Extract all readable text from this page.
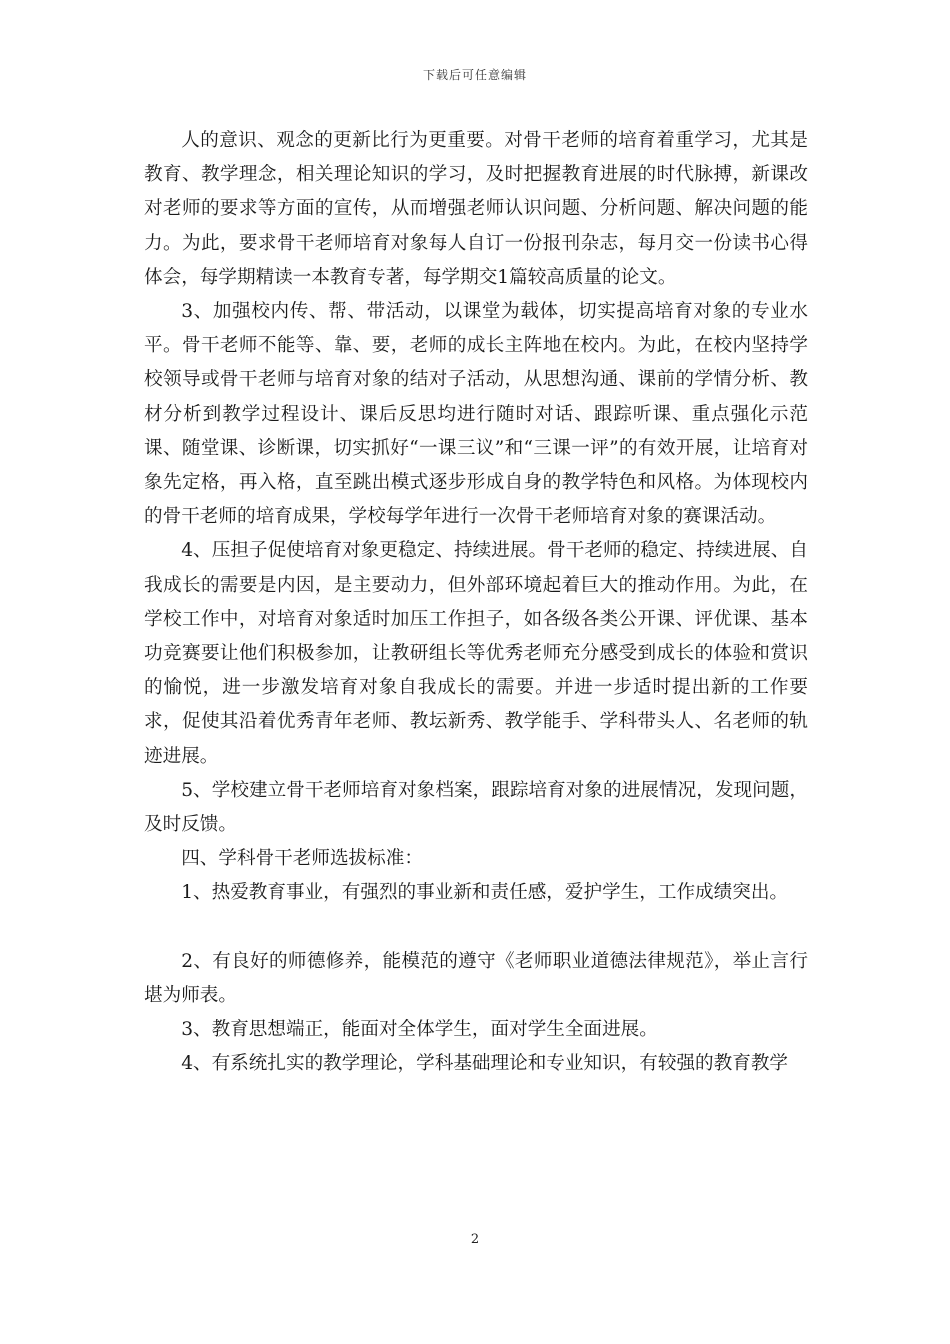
下载后可任意编辑

人的意识、观念的更新比行为更重要。对骨干老师的培育着重学习，尤其是教育、教学理念，相关理论知识的学习，及时把握教育进展的时代脉搏，新课改对老师的要求等方面的宣传，从而增强老师认识问题、分析问题、解决问题的能力。为此，要求骨干老师培育对象每人自订一份报刊杂志，每月交一份读书心得体会，每学期精读一本教育专著，每学期交1篇较高质量的论文。

3、加强校内传、帮、带活动，以课堂为载体，切实提高培育对象的专业水平。骨干老师不能等、靠、要，老师的成长主阵地在校内。为此，在校内坚持学校领导或骨干老师与培育对象的结对子活动，从思想沟通、课前的学情分析、教材分析到教学过程设计、课后反思均进行随时对话、跟踪听课、重点强化示范课、随堂课、诊断课，切实抓好“一课三议”和“三课一评”的有效开展，让培育对象先定格，再入格，直至跳出模式逐步形成自身的教学特色和风格。为体现校内的骨干老师的培育成果，学校每学年进行一次骨干老师培育对象的赛课活动。

4、压担子促使培育对象更稳定、持续进展。骨干老师的稳定、持续进展、自我成长的需要是内因，是主要动力，但外部环境起着巨大的推动作用。为此，在学校工作中，对培育对象适时加压工作担子，如各级各类公开课、评优课、基本功竞赛要让他们积极参加，让教研组长等优秀老师充分感受到成长的体验和赏识的愉悦，进一步激发培育对象自我成长的需要。并进一步适时提出新的工作要求，促使其沿着优秀青年老师、教坛新秀、教学能手、学科带头人、名老师的轨迹进展。

5、学校建立骨干老师培育对象档案，跟踪培育对象的进展情况，发现问题，及时反馈。

四、学科骨干老师选拔标准：

1、热爱教育事业，有强烈的事业新和责任感，爱护学生，工作成绩突出。

2、有良好的师德修养，能模范的遵守《老师职业道德法律规范》，举止言行堪为师表。

3、教育思想端正，能面对全体学生，面对学生全面进展。

4、有系统扎实的教学理论，学科基础理论和专业知识，有较强的教育教学

2
